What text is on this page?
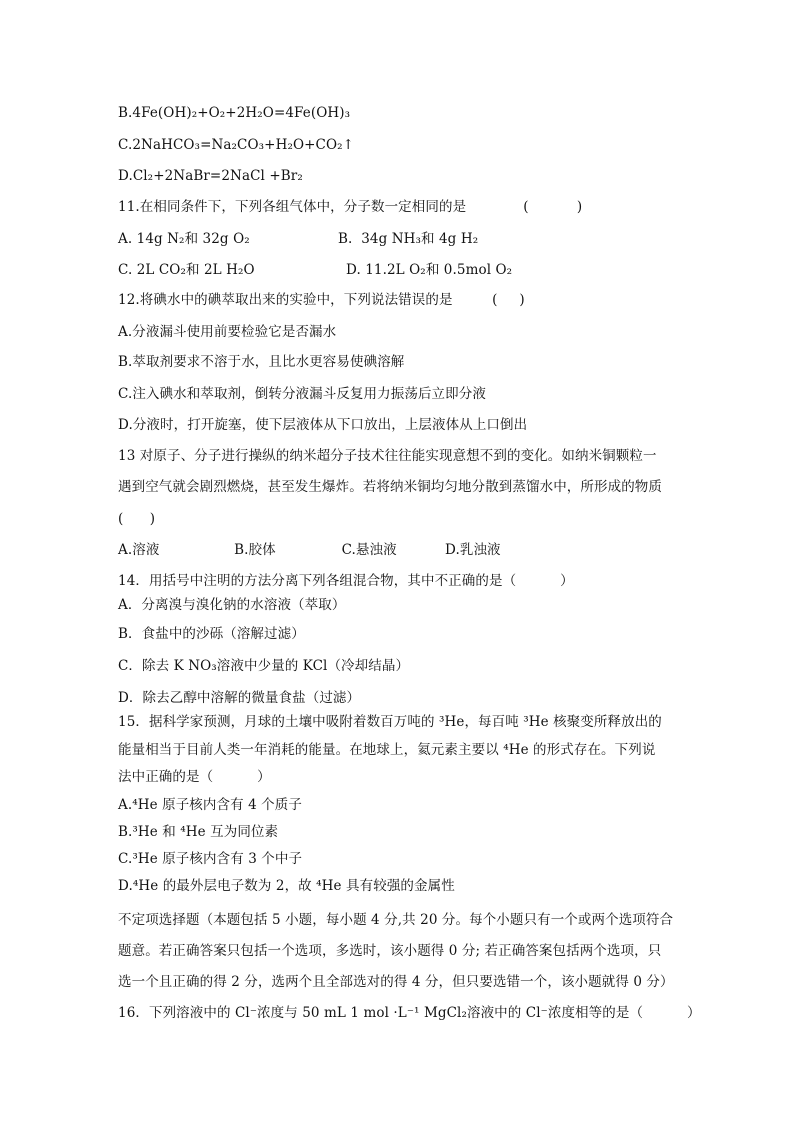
B.4Fe(OH)₂+O₂+2H₂O=4Fe(OH)₃
C.2NaHCO₃=Na₂CO₃+H₂O+CO₂↑
D.Cl₂+2NaBr=2NaCl +Br₂
11.在相同条件下，下列各组气体中，分子数一定相同的是             (           )
A. 14g N₂和 32g O₂	B.  34g NH₃和 4g H₂
C. 2L CO₂和 2L H₂O	D. 11.2L O₂和 0.5mol O₂
12.将碘水中的碘萃取出来的实验中，下列说法错误的是         (     )
A.分液漏斗使用前要检验它是否漏水
B.萃取剂要求不溶于水，且比水更容易使碘溶解
C.注入碘水和萃取剂，倒转分液漏斗反复用力振荡后立即分液
D.分液时，打开旋塞，使下层液体从下口放出，上层液体从上口倒出
13 对原子、分子进行操纵的纳米超分子技术往往能实现意想不到的变化。如纳米铜颗粒一
遇到空气就会剧烈燃烧，甚至发生爆炸。若将纳米铜均匀地分散到蒸馏水中，所形成的物质
(      )
A.溶液                 B.胶体               C.悬浊液           D.乳浊液
14．用括号中注明的方法分离下列各组混合物，其中不正确的是（          ）
A．分离溴与溴化钠的水溶液（萃取）
B．食盐中的沙砾（溶解过滤）
C．除去 K NO₃溶液中少量的 KCl（冷却结晶）
D．除去乙醇中溶解的微量食盐（过滤）
15．据科学家预测，月球的土壤中吸附着数百万吨的 ³He，每百吨 ³He 核聚变所释放出的
能量相当于目前人类一年消耗的能量。在地球上，氦元素主要以 ⁴He 的形式存在。下列说
法中正确的是（          ）
A.⁴He 原子核内含有 4 个质子
B.³He 和 ⁴He 互为同位素
C.³He 原子核内含有 3 个中子
D.⁴He 的最外层电子数为 2，故 ⁴He 具有较强的金属性
不定项选择题（本题包括 5 小题，每小题 4 分,共 20 分。每个小题只有一个或两个选项符合
题意。若正确答案只包括一个选项，多选时，该小题得 0 分; 若正确答案包括两个选项，只
选一个且正确的得 2 分，选两个且全部选对的得 4 分，但只要选错一个，该小题就得 0 分）
16．下列溶液中的 Cl⁻浓度与 50 mL 1 mol ·L⁻¹ MgCl₂溶液中的 Cl⁻浓度相等的是（          ）
